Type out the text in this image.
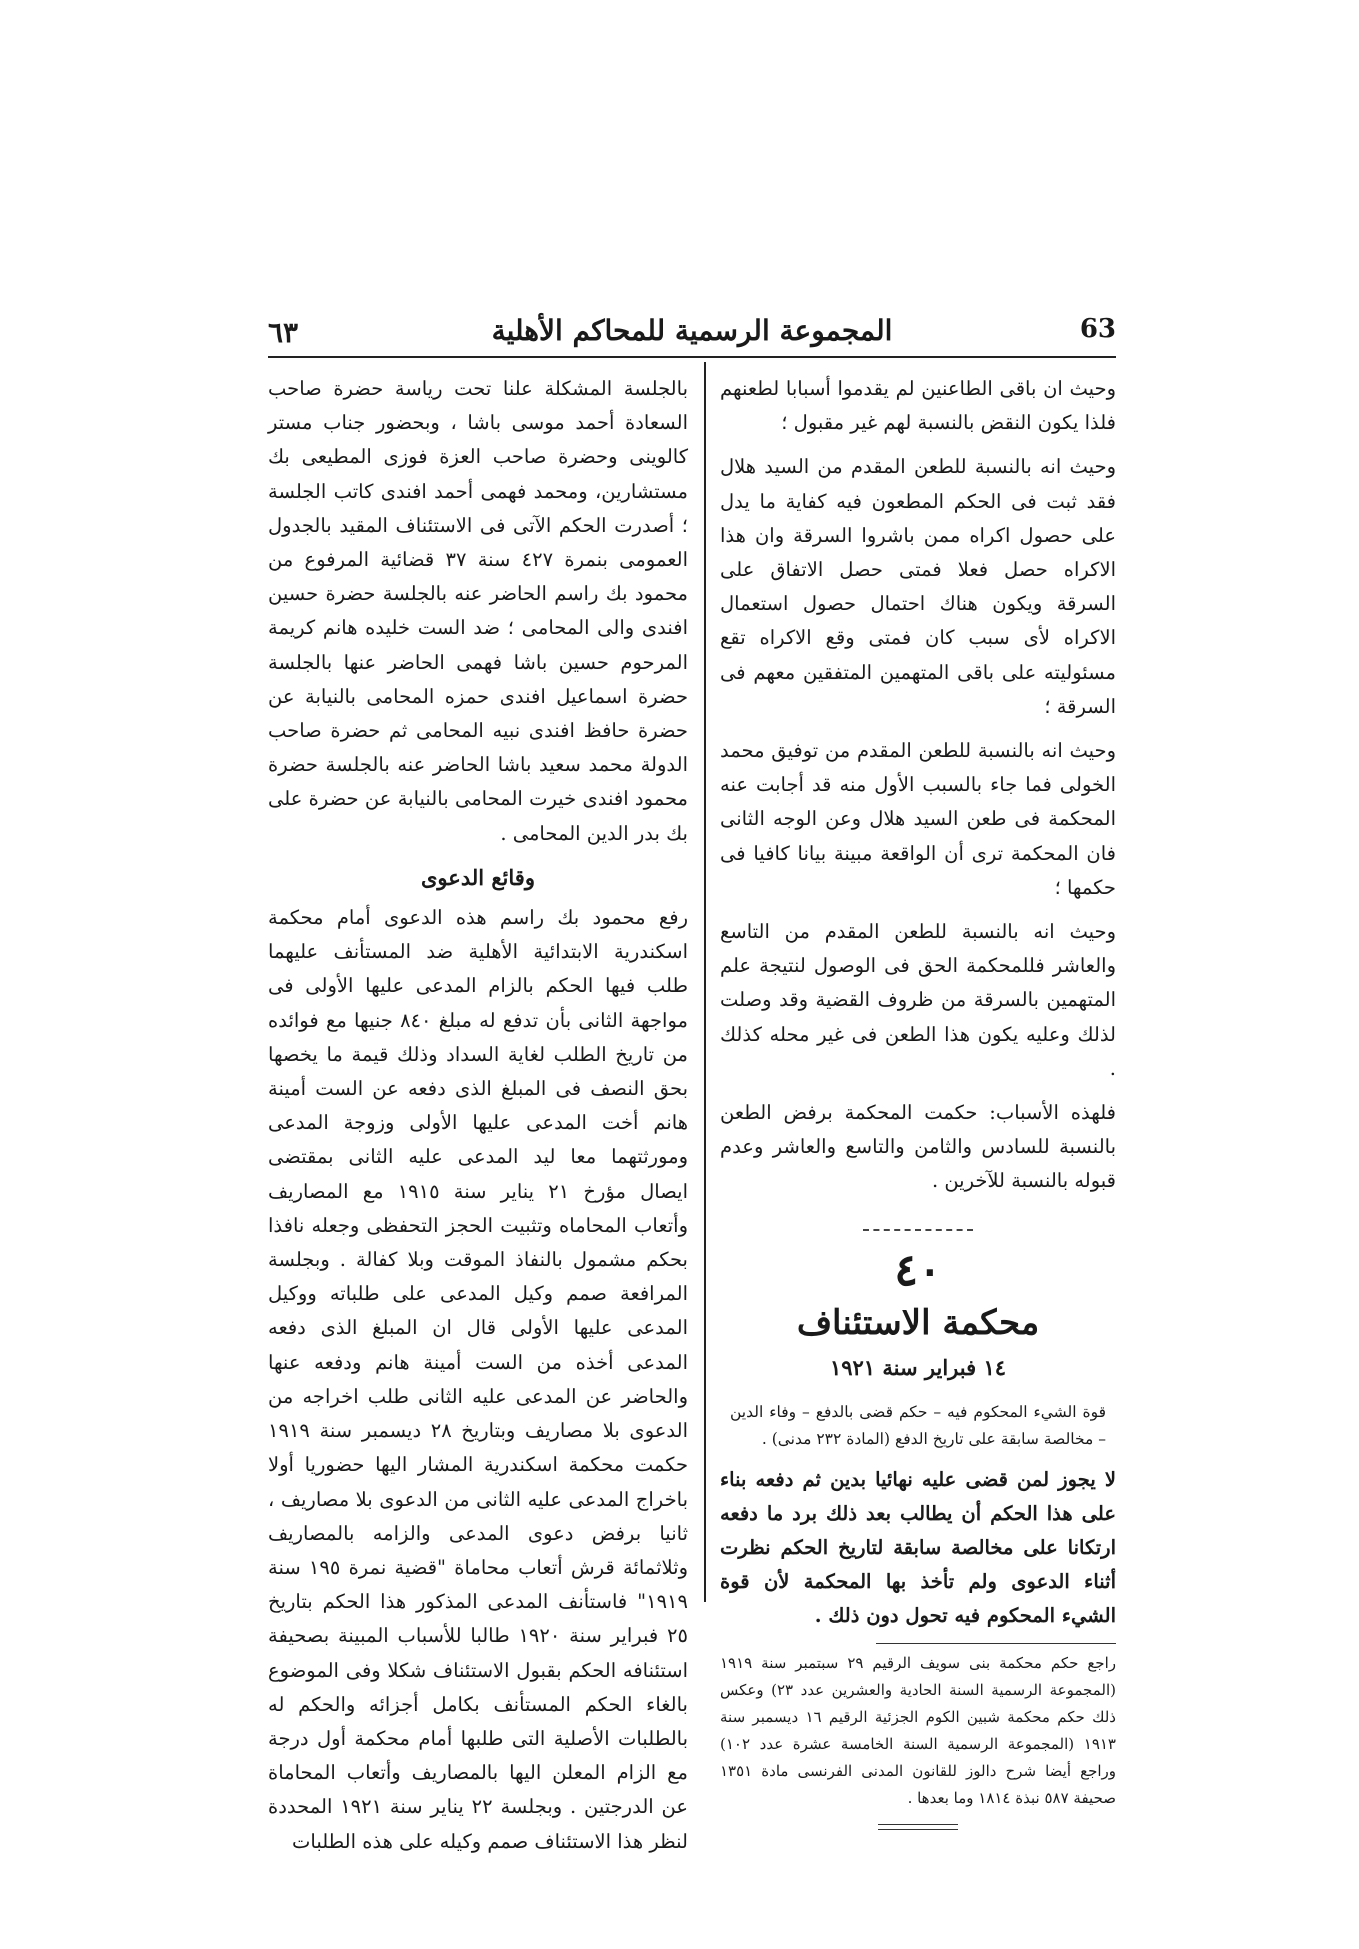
٦٣	المجموعة الرسمية للمحاكم الأهلية	63

وحيث ان باقى الطاعنين لم يقدموا أسبابا لطعنهم فلذا يكون النقض بالنسبة لهم غير مقبول ؛

وحيث انه بالنسبة للطعن المقدم من السيد هلال فقد ثبت فى الحكم المطعون فيه كفاية ما يدل على حصول اكراه ممن باشروا السرقة وان هذا الاكراه حصل فعلا فمتى حصل الاتفاق على السرقة ويكون هناك احتمال حصول استعمال الاكراه لأى سبب كان فمتى وقع الاكراه تقع مسئوليته على باقى المتهمين المتفقين معهم فى السرقة ؛

وحيث انه بالنسبة للطعن المقدم من توفيق محمد الخولى فما جاء بالسبب الأول منه قد أجابت عنه المحكمة فى طعن السيد هلال وعن الوجه الثانى فان المحكمة ترى أن الواقعة مبينة بيانا كافيا فى حكمها ؛

وحيث انه بالنسبة للطعن المقدم من التاسع والعاشر فللمحكمة الحق فى الوصول لنتيجة علم المتهمين بالسرقة من ظروف القضية وقد وصلت لذلك وعليه يكون هذا الطعن فى غير محله كذلك .

فلهذه الأسباب: حكمت المحكمة برفض الطعن بالنسبة للسادس والثامن والتاسع والعاشر وعدم قبوله بالنسبة للآخرين .

٤٠
محكمة الاستئناف
١٤ فبراير سنة ١٩٢١

قوة الشيء المحكوم فيه – حكم قضى بالدفع – وفاء الدين – مخالصة سابقة على تاريخ الدفع (المادة ٢٣٢ مدنى) .

لا يجوز لمن قضى عليه نهائيا بدين ثم دفعه بناء على هذا الحكم أن يطالب بعد ذلك برد ما دفعه ارتكانا على مخالصة سابقة لتاريخ الحكم نظرت أثناء الدعوى ولم تأخذ بها المحكمة لأن قوة الشيء المحكوم فيه تحول دون ذلك .

راجع حكم محكمة بنى سويف الرقيم ٢٩ سبتمبر سنة ١٩١٩ (المجموعة الرسمية السنة الحادية والعشرين عدد ٢٣) وعكس ذلك حكم محكمة شبين الكوم الجزئية الرقيم ١٦ ديسمبر سنة ١٩١٣ (المجموعة الرسمية السنة الخامسة عشرة عدد ١٠٢) وراجع أيضا شرح دالوز للقانون المدنى الفرنسى مادة ١٣٥١ صحيفة ٥٨٧ نبذة ١٨١٤ وما بعدها .

بالجلسة المشكلة علنا تحت رياسة حضرة صاحب السعادة أحمد موسى باشا ، وبحضور جناب مستر كالوينى وحضرة صاحب العزة فوزى المطيعى بك مستشارين، ومحمد فهمى أحمد افندى كاتب الجلسة ؛ أصدرت الحكم الآتى فى الاستئناف المقيد بالجدول العمومى بنمرة ٤٢٧ سنة ٣٧ قضائية المرفوع من محمود بك راسم الحاضر عنه بالجلسة حضرة حسين افندى والى المحامى ؛ ضد الست خليده هانم كريمة المرحوم حسين باشا فهمى الحاضر عنها بالجلسة حضرة اسماعيل افندى حمزه المحامى بالنيابة عن حضرة حافظ افندى نبيه المحامى ثم حضرة صاحب الدولة محمد سعيد باشا الحاضر عنه بالجلسة حضرة محمود افندى خيرت المحامى بالنيابة عن حضرة على بك بدر الدين المحامى .

وقائع الدعوى

رفع محمود بك راسم هذه الدعوى أمام محكمة اسكندرية الابتدائية الأهلية ضد المستأنف عليهما طلب فيها الحكم بالزام المدعى عليها الأولى فى مواجهة الثانى بأن تدفع له مبلغ ٨٤٠ جنيها مع فوائده من تاريخ الطلب لغاية السداد وذلك قيمة ما يخصها بحق النصف فى المبلغ الذى دفعه عن الست أمينة هانم أخت المدعى عليها الأولى وزوجة المدعى ومورثتهما معا ليد المدعى عليه الثانى بمقتضى ايصال مؤرخ ٢١ يناير سنة ١٩١٥ مع المصاريف وأتعاب المحاماه وتثبيت الحجز التحفظى وجعله نافذا بحكم مشمول بالنفاذ الموقت وبلا كفالة . وبجلسة المرافعة صمم وكيل المدعى على طلباته ووكيل المدعى عليها الأولى قال ان المبلغ الذى دفعه المدعى أخذه من الست أمينة هانم ودفعه عنها والحاضر عن المدعى عليه الثانى طلب اخراجه من الدعوى بلا مصاريف وبتاريخ ٢٨ ديسمبر سنة ١٩١٩ حكمت محكمة اسكندرية المشار اليها حضوريا أولا باخراج المدعى عليه الثانى من الدعوى بلا مصاريف ، ثانيا برفض دعوى المدعى والزامه بالمصاريف وثلاثمائة قرش أتعاب محاماة "قضية نمرة ١٩٥ سنة ١٩١٩" فاستأنف المدعى المذكور هذا الحكم بتاريخ ٢٥ فبراير سنة ١٩٢٠ طالبا للأسباب المبينة بصحيفة استئنافه الحكم بقبول الاستئناف شكلا وفى الموضوع بالغاء الحكم المستأنف بكامل أجزائه والحكم له بالطلبات الأصلية التى طلبها أمام محكمة أول درجة مع الزام المعلن اليها بالمصاريف وأتعاب المحاماة عن الدرجتين . وبجلسة ٢٢ يناير سنة ١٩٢١ المحددة لنظر هذا الاستئناف صمم وكيله على هذه الطلبات
